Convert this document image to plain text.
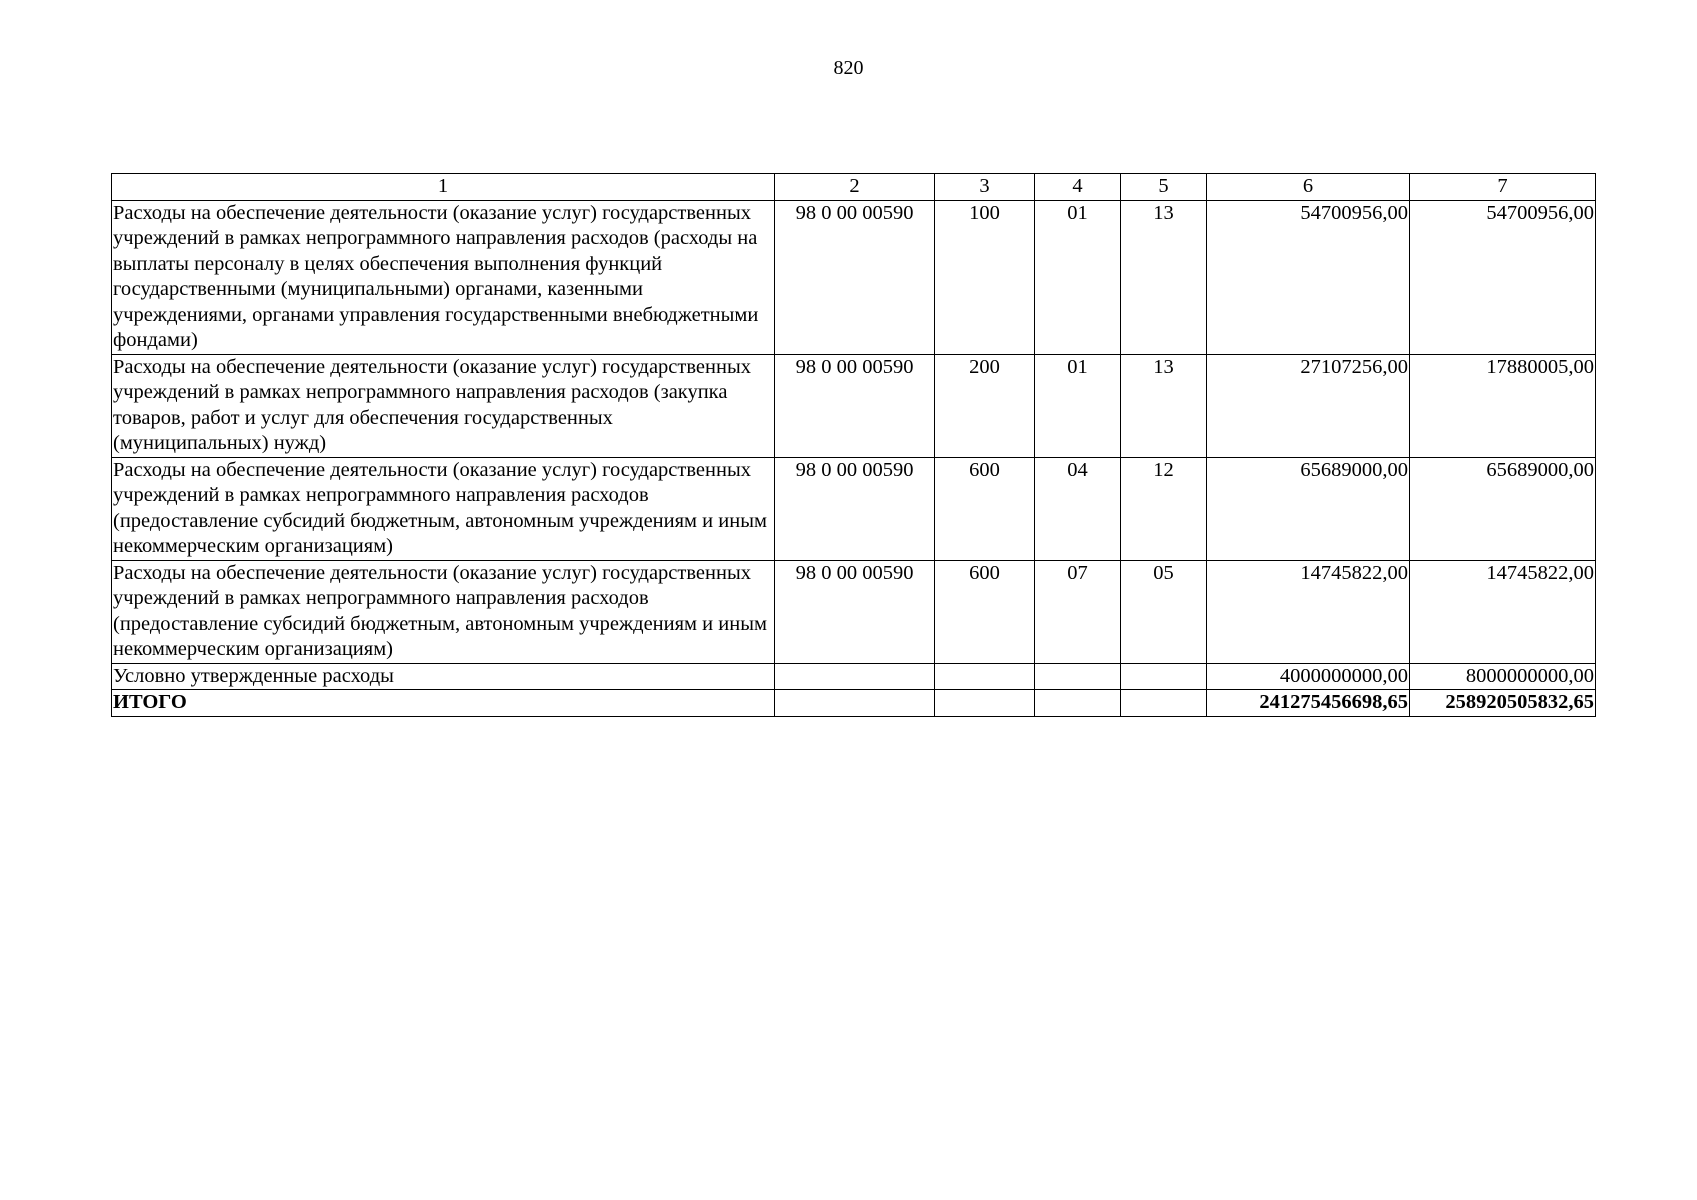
820
1	2	3	4	5	6	7
Расходы на обеспечение деятельности (оказание услуг) государственных учреждений в рамках непрограммного направления расходов (расходы на выплаты персоналу в целях обеспечения выполнения функций государственными (муниципальными) органами, казенными учреждениями, органами управления государственными внебюджетными фондами)	98 0 00 00590	100	01	13	54700956,00	54700956,00
Расходы на обеспечение деятельности (оказание услуг) государственных учреждений в рамках непрограммного направления расходов (закупка товаров, работ и услуг для обеспечения государственных (муниципальных) нужд)	98 0 00 00590	200	01	13	27107256,00	17880005,00
Расходы на обеспечение деятельности (оказание услуг) государственных учреждений в рамках непрограммного направления расходов (предоставление субсидий бюджетным, автономным учреждениям и иным некоммерческим организациям)	98 0 00 00590	600	04	12	65689000,00	65689000,00
Расходы на обеспечение деятельности (оказание услуг) государственных учреждений в рамках непрограммного направления расходов (предоставление субсидий бюджетным, автономным учреждениям и иным некоммерческим организациям)	98 0 00 00590	600	07	05	14745822,00	14745822,00
Условно утвержденные расходы					4000000000,00	8000000000,00
ИТОГО					241275456698,65	258920505832,65
